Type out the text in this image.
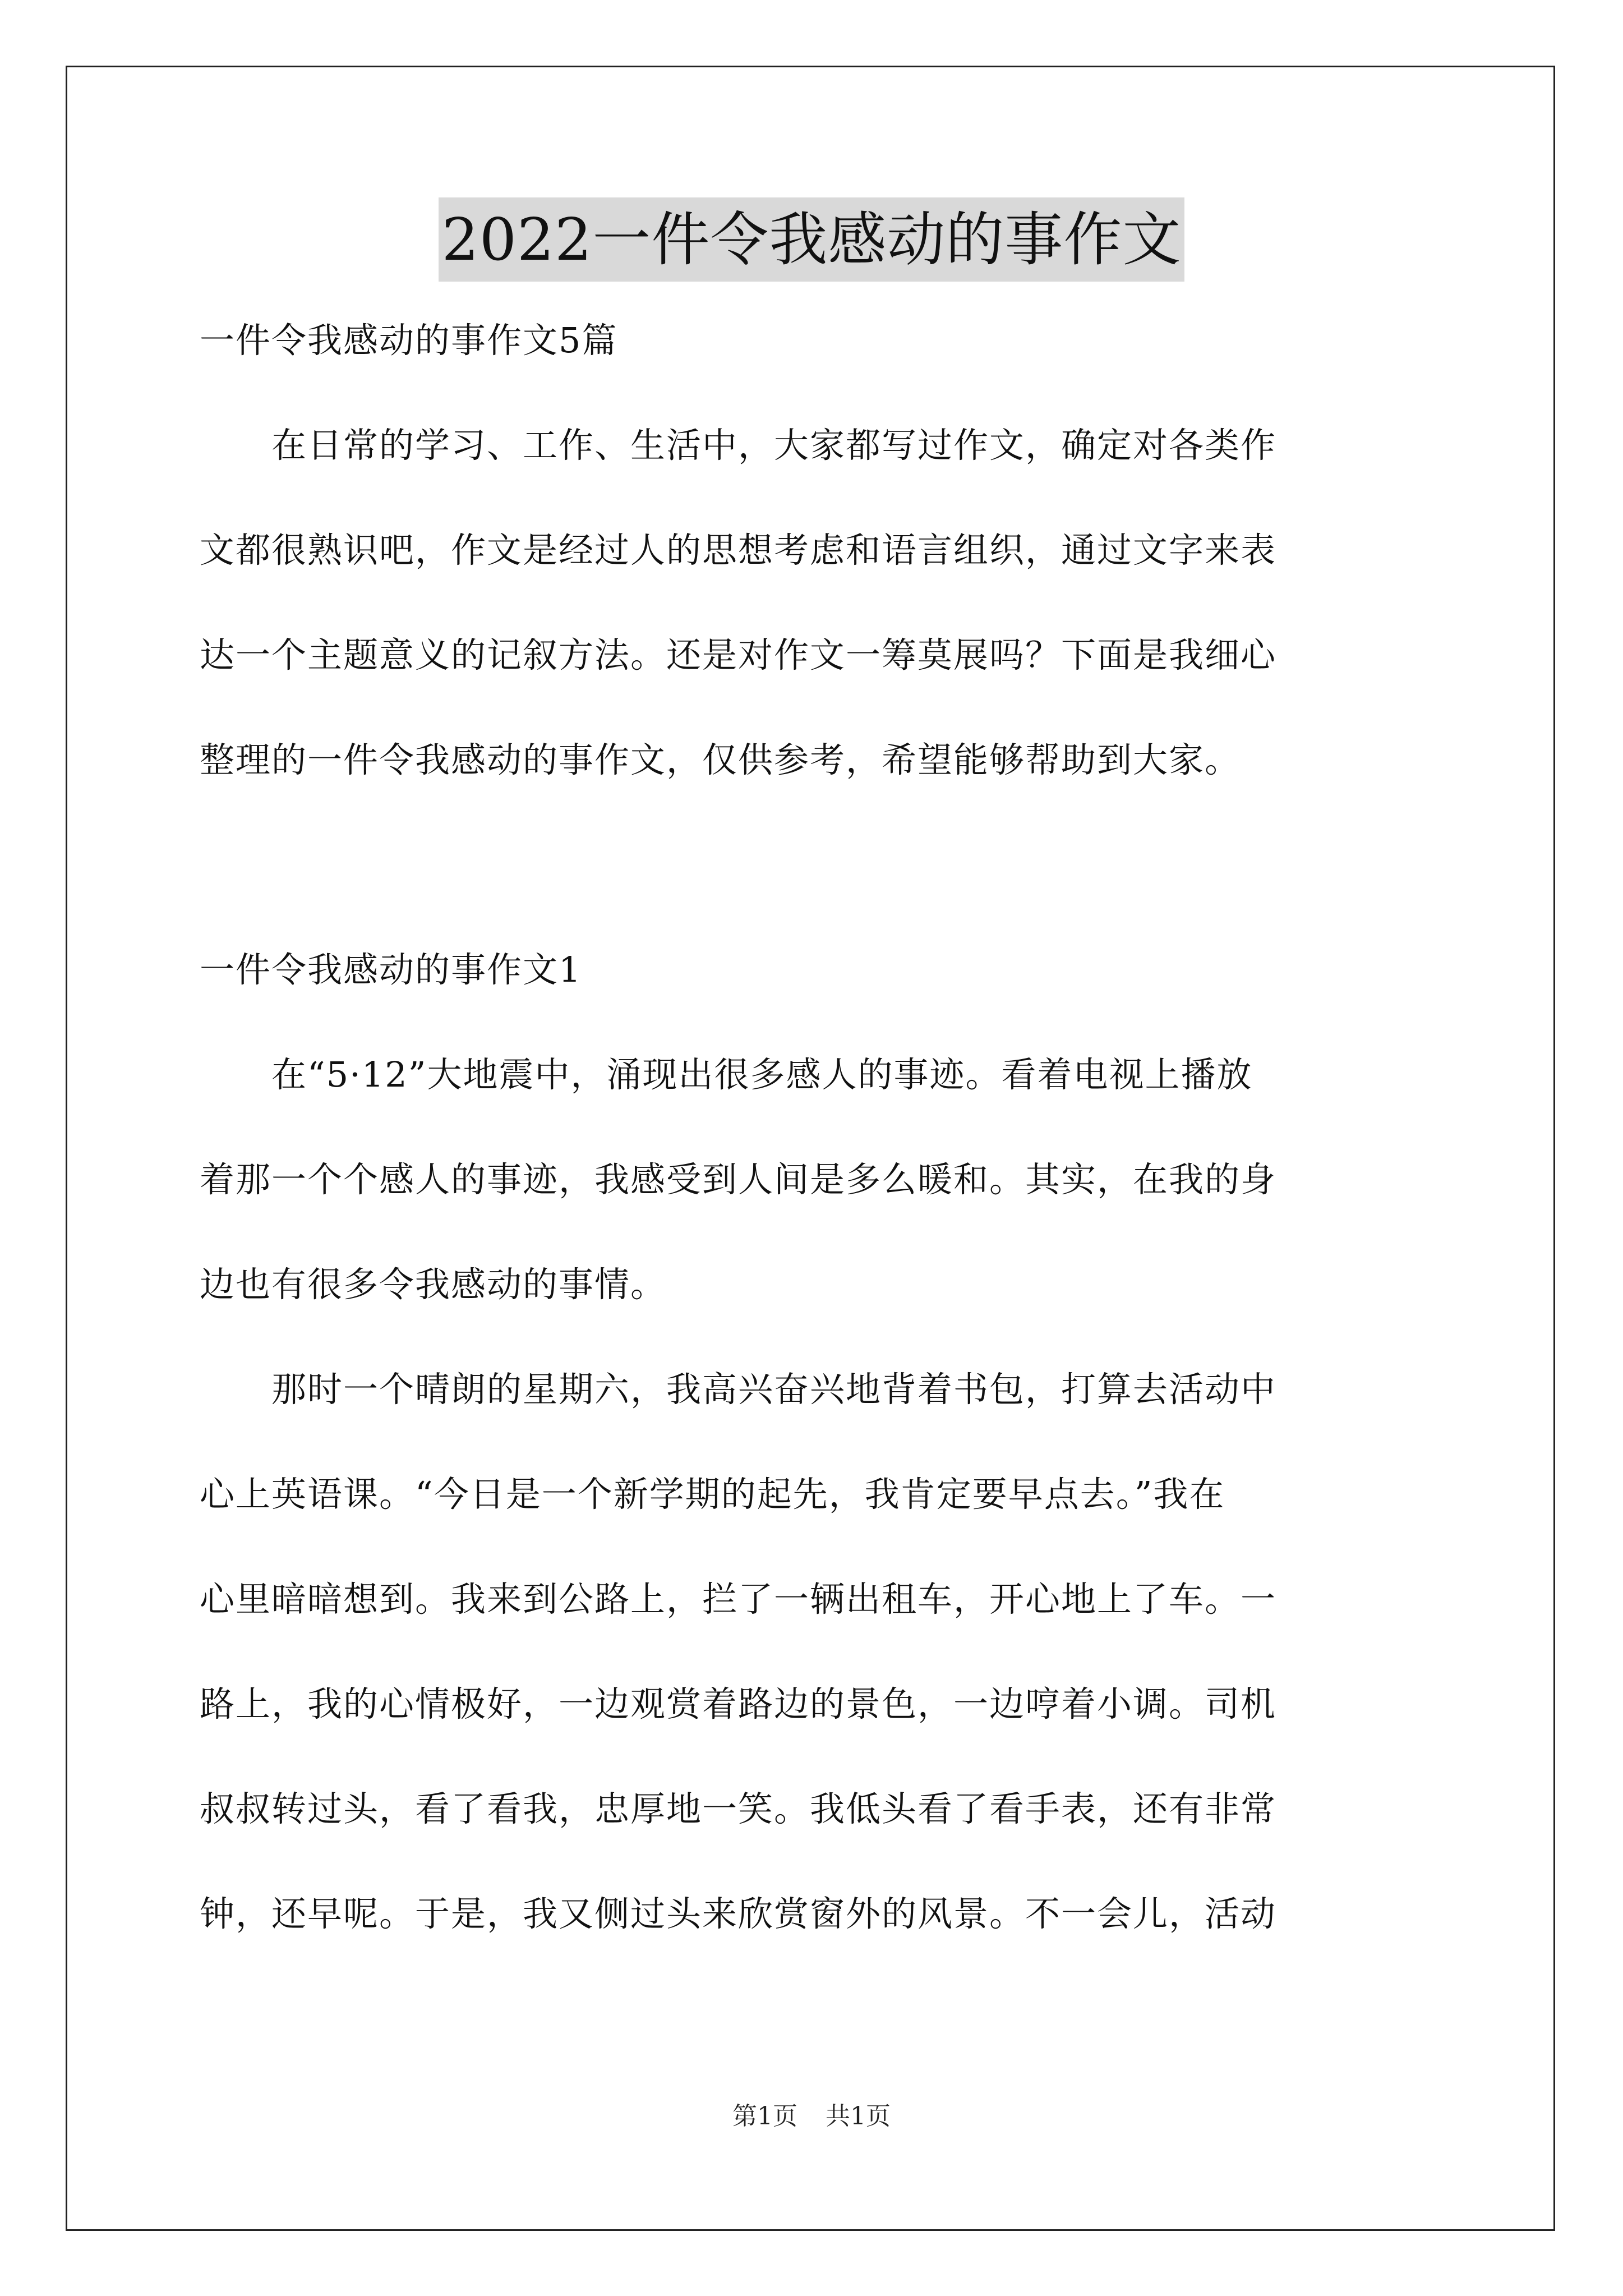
2022一件令我感动的事作文
一件令我感动的事作文5篇
　　在日常的学习、工作、生活中，大家都写过作文，确定对各类作
文都很熟识吧，作文是经过人的思想考虑和语言组织，通过文字来表
达一个主题意义的记叙方法。还是对作文一筹莫展吗？下面是我细心
整理的一件令我感动的事作文，仅供参考，希望能够帮助到大家。
一件令我感动的事作文1
　　在“5·12”大地震中，涌现出很多感人的事迹。看着电视上播放
着那一个个感人的事迹，我感受到人间是多么暖和。其实，在我的身
边也有很多令我感动的事情。
　　那时一个晴朗的星期六，我高兴奋兴地背着书包，打算去活动中
心上英语课。“今日是一个新学期的起先，我肯定要早点去。”我在
心里暗暗想到。我来到公路上，拦了一辆出租车，开心地上了车。一
路上，我的心情极好，一边观赏着路边的景色，一边哼着小调。司机
叔叔转过头，看了看我，忠厚地一笑。我低头看了看手表，还有非常
钟，还早呢。于是，我又侧过头来欣赏窗外的风景。不一会儿，活动
第1页 共1页
